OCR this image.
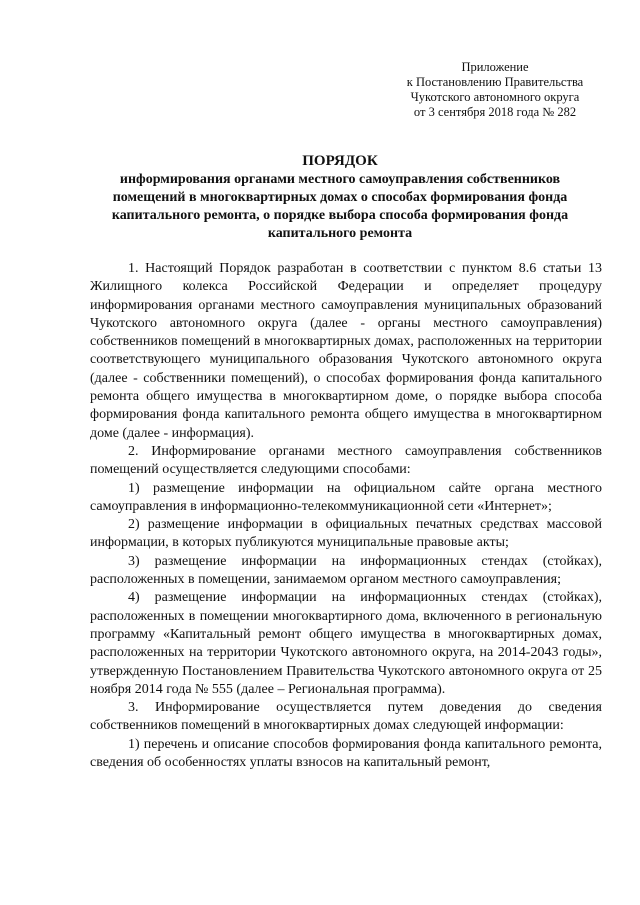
Приложение
к Постановлению Правительства
Чукотского автономного округа
от 3 сентября 2018 года № 282
ПОРЯДОК
информирования органами местного самоуправления собственников
помещений в многоквартирных домах о способах формирования фонда
капитального ремонта, о порядке выбора способа формирования фонда
капитального ремонта

1. Настоящий Порядок разработан в соответствии с пунктом 8.6 статьи 13 Жилищного колекса Российской Федерации и определяет процедуру информирования органами местного самоуправления муниципальных образований Чукотского автономного округа (далее - органы местного самоуправления) собственников помещений в многоквартирных домах, расположенных на территории соответствующего муниципального образования Чукотского автономного округа (далее - собственники помещений), о способах формирования фонда капитального ремонта общего имущества в многоквартирном доме, о порядке выбора способа формирования фонда капитального ремонта общего имущества в многоквартирном доме (далее - информация).

2. Информирование органами местного самоуправления собственников помещений осуществляется следующими способами:

1) размещение информации на официальном сайте органа местного самоуправления в информационно-телекоммуникационной сети «Интернет»;

2) размещение информации в официальных печатных средствах массовой информации, в которых публикуются муниципальные правовые акты;

3) размещение информации на информационных стендах (стойках), расположенных в помещении, занимаемом органом местного самоуправления;

4) размещение информации на информационных стендах (стойках), расположенных в помещении многоквартирного дома, включенного в региональную программу «Капитальный ремонт общего имущества в многоквартирных домах, расположенных на территории Чукотского автономного округа, на 2014-2043 годы», утвержденную Постановлением Правительства Чукотского автономного округа от 25 ноября 2014 года № 555 (далее – Региональная программа).

3. Информирование осуществляется путем доведения до сведения собственников помещений в многоквартирных домах следующей информации:

1) перечень и описание способов формирования фонда капитального ремонта, сведения об особенностях уплаты взносов на капитальный ремонт,
